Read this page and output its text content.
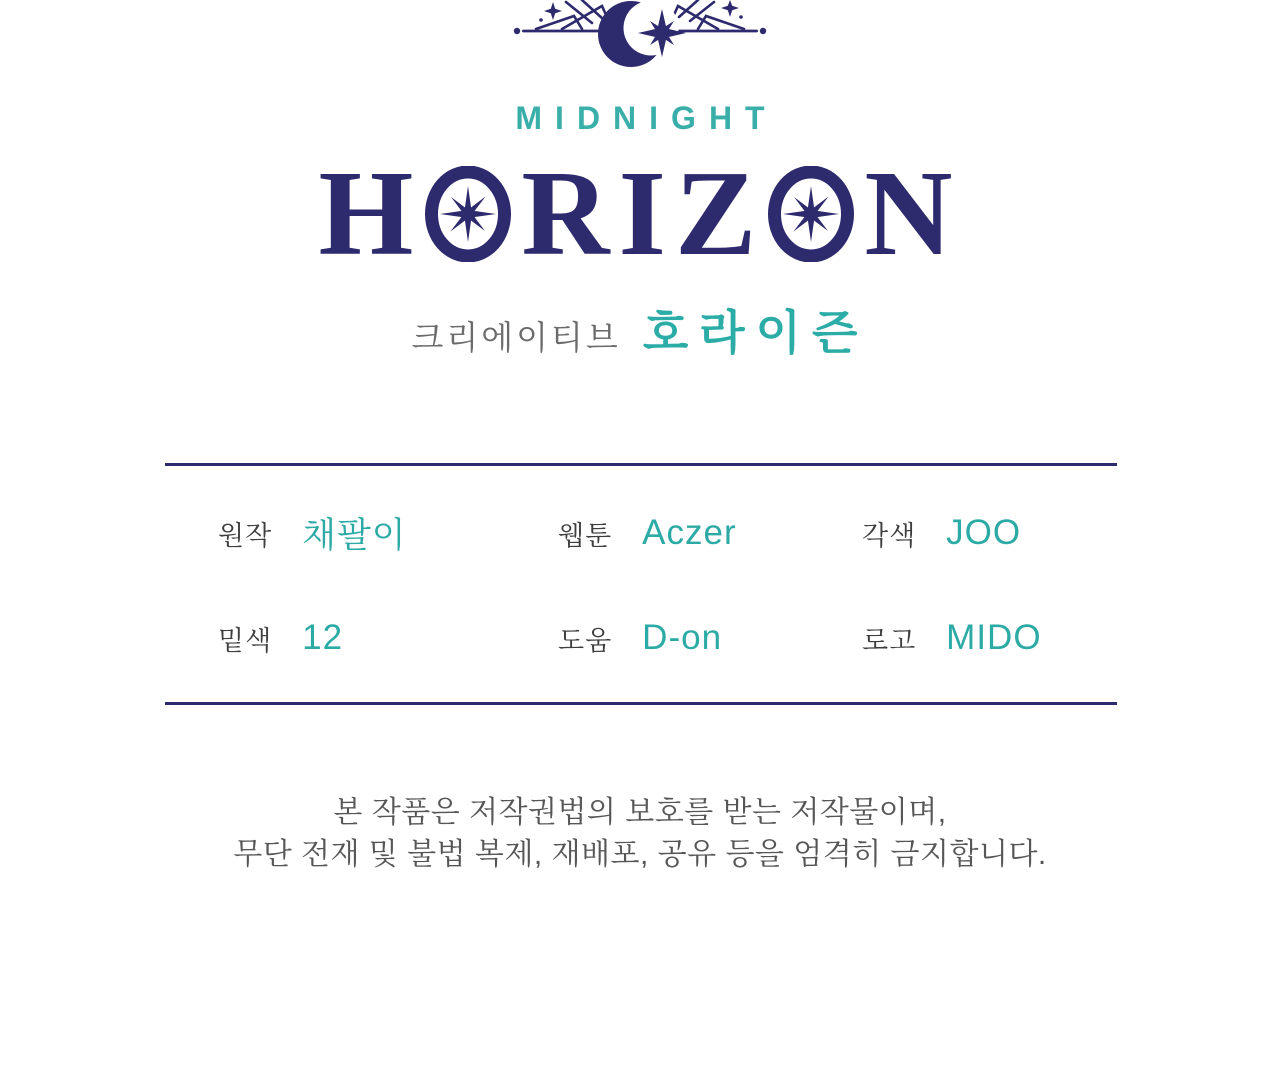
MIDNIGHT
H RIZ N
크리에이티브 호라이즌
원작 채팔이	웹툰 Aczer	각색 JOO
밑색 12	도움 D-on	로고 MIDO
본 작품은 저작권법의 보호를 받는 저작물이며,
무단 전재 및 불법 복제, 재배포, 공유 등을 엄격히 금지합니다.
